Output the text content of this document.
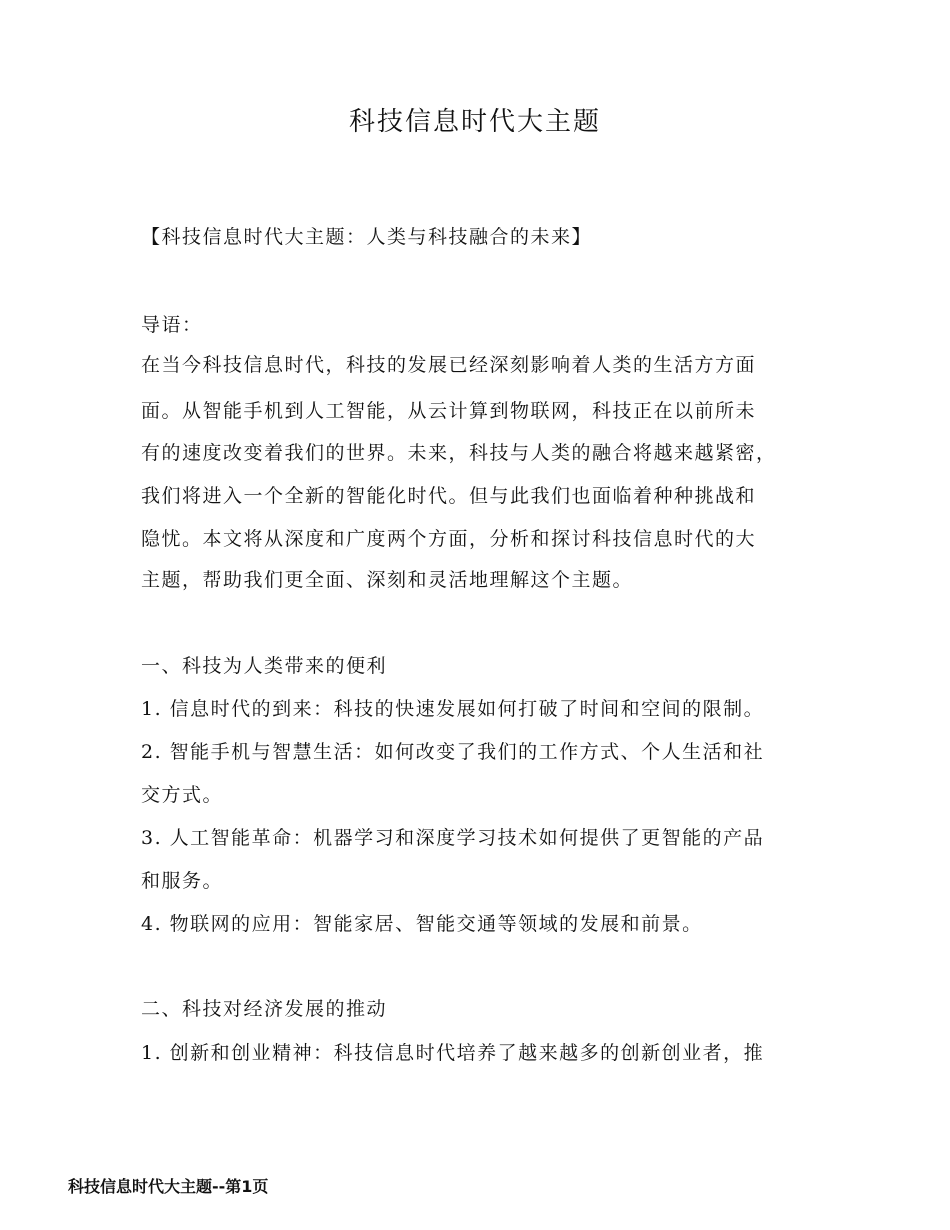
科技信息时代大主题

【科技信息时代大主题：人类与科技融合的未来】

导语：

在当今科技信息时代，科技的发展已经深刻影响着人类的生活方方面

面。从智能手机到人工智能，从云计算到物联网，科技正在以前所未

有的速度改变着我们的世界。未来，科技与人类的融合将越来越紧密，

我们将进入一个全新的智能化时代。但与此我们也面临着种种挑战和

隐忧。本文将从深度和广度两个方面，分析和探讨科技信息时代的大

主题，帮助我们更全面、深刻和灵活地理解这个主题。

一、科技为人类带来的便利

1. 信息时代的到来：科技的快速发展如何打破了时间和空间的限制。

2. 智能手机与智慧生活：如何改变了我们的工作方式、个人生活和社

交方式。

3. 人工智能革命：机器学习和深度学习技术如何提供了更智能的产品

和服务。

4. 物联网的应用：智能家居、智能交通等领域的发展和前景。

二、科技对经济发展的推动

1. 创新和创业精神：科技信息时代培养了越来越多的创新创业者，推

科技信息时代大主题--第1页
